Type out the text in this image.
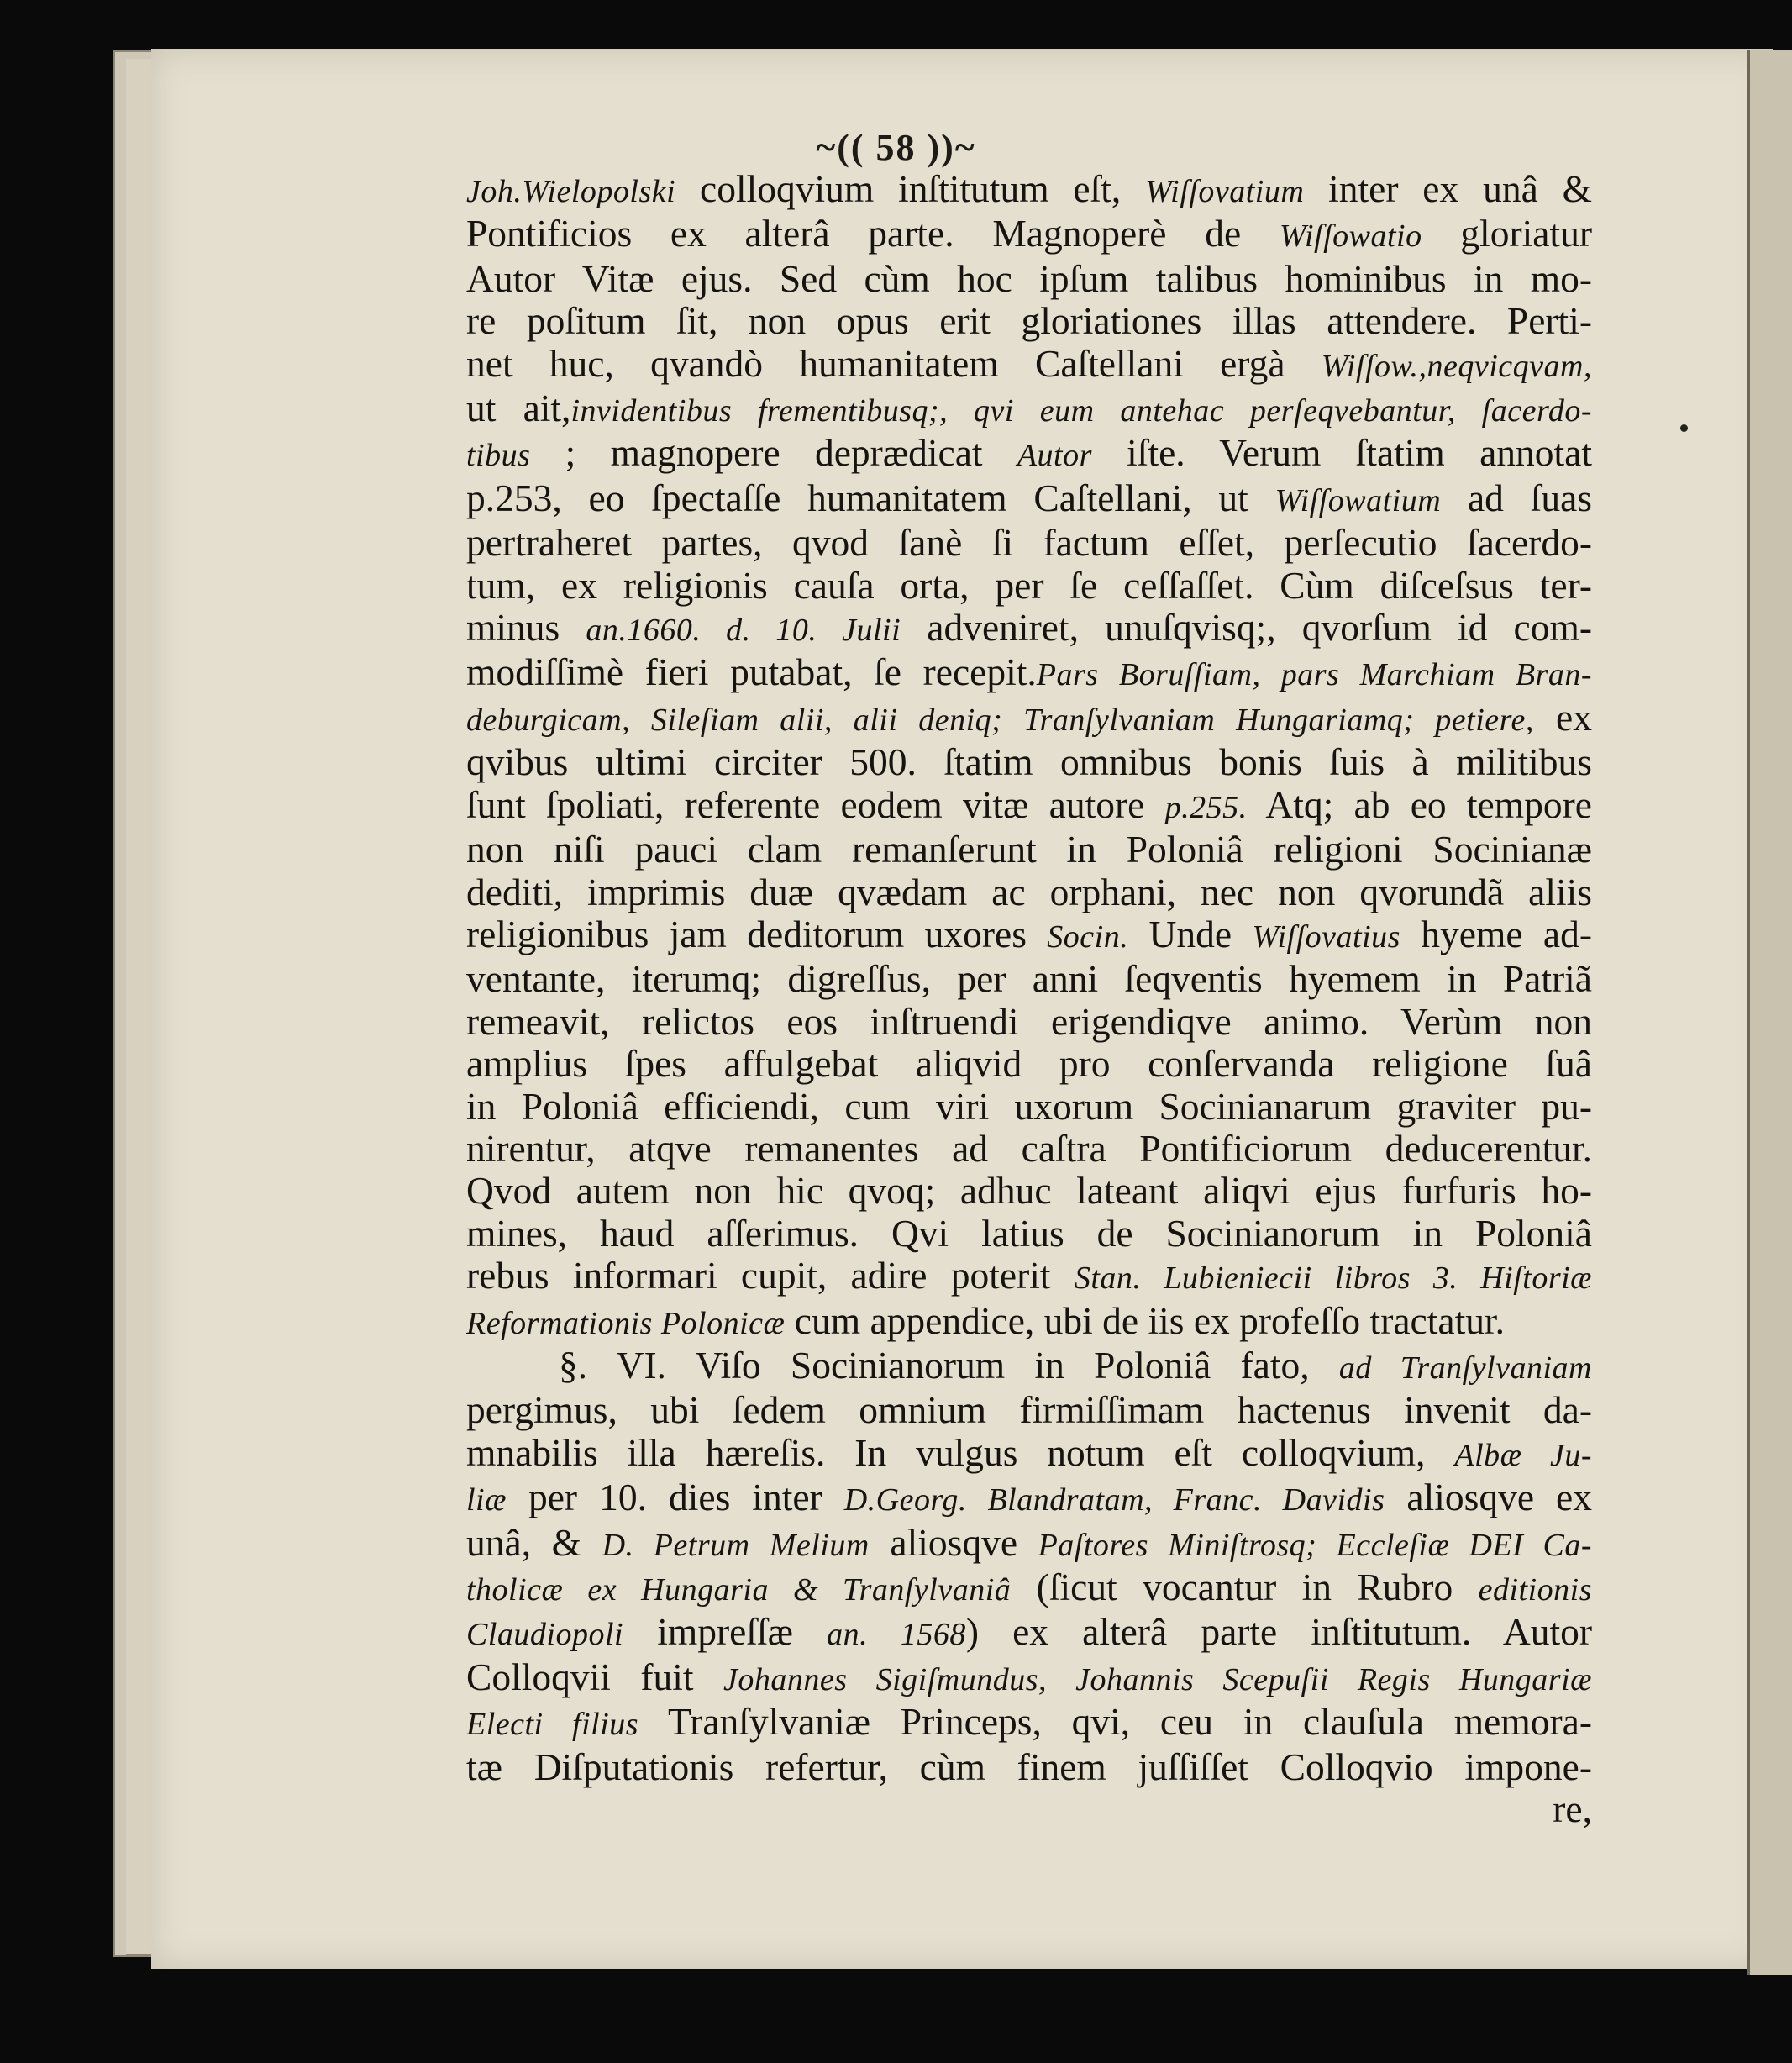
~(( 58 ))~
Joh.Wielopolski colloqvium inſtitutum eſt, Wiſſovatium inter ex unâ &
Pontificios ex alterâ parte. Magnoperè de Wiſſowatio gloriatur
Autor Vitæ ejus. Sed cùm hoc ipſum talibus hominibus in mo-
re poſitum ſit, non opus erit gloriationes illas attendere. Perti-
net huc, qvandò humanitatem Caſtellani ergà Wiſſow.,neqvicqvam,
ut ait,invidentibus frementibusq;, qvi eum antehac perſeqvebantur, ſacerdo-
tibus ; magnopere deprædicat Autor iſte. Verum ſtatim annotat
p.253, eo ſpectaſſe humanitatem Caſtellani, ut Wiſſowatium ad ſuas
pertraheret partes, qvod ſanè ſi factum eſſet, perſecutio ſacerdo-
tum, ex religionis cauſa orta, per ſe ceſſaſſet. Cùm diſceſsus ter-
minus an.1660. d. 10. Julii adveniret, unuſqvisq;, qvorſum id com-
modiſſimè fieri putabat, ſe recepit.Pars Boruſſiam, pars Marchiam Bran-
deburgicam, Sileſiam alii, alii deniq; Tranſylvaniam Hungariamq; petiere, ex
qvibus ultimi circiter 500. ſtatim omnibus bonis ſuis à militibus
ſunt ſpoliati, referente eodem vitæ autore p.255. Atq; ab eo tempore
non niſi pauci clam remanſerunt in Poloniâ religioni Socinianæ
dediti, imprimis duæ qvædam ac orphani, nec non qvorundã aliis
religionibus jam deditorum uxores Socin. Unde Wiſſovatius hyeme ad-
ventante, iterumq; digreſſus, per anni ſeqventis hyemem in Patriã
remeavit, relictos eos inſtruendi erigendiqve animo. Verùm non
amplius ſpes affulgebat aliqvid pro conſervanda religione ſuâ
in Poloniâ efficiendi, cum viri uxorum Socinianarum graviter pu-
nirentur, atqve remanentes ad caſtra Pontificiorum deducerentur.
Qvod autem non hic qvoq; adhuc lateant aliqvi ejus furfuris ho-
mines, haud aſſerimus. Qvi latius de Socinianorum in Poloniâ
rebus informari cupit, adire poterit Stan. Lubieniecii libros 3. Hiſtoriæ
Reformationis Polonicæ cum appendice, ubi de iis ex profeſſo tractatur.
§. VI. Viſo Socinianorum in Poloniâ fato, ad Tranſylvaniam
pergimus, ubi ſedem omnium firmiſſimam hactenus invenit da-
mnabilis illa hæreſis. In vulgus notum eſt colloqvium, Albæ Ju-
liæ per 10. dies inter D.Georg. Blandratam, Franc. Davidis aliosqve ex
unâ, & D. Petrum Melium aliosqve Paſtores Miniſtrosq; Eccleſiæ DEI Ca-
tholicæ ex Hungaria & Tranſylvaniâ (ſicut vocantur in Rubro editionis
Claudiopoli impreſſæ an. 1568) ex alterâ parte inſtitutum. Autor
Colloqvii fuit Johannes Sigiſmundus, Johannis Scepuſii Regis Hungariæ
Electi filius Tranſylvaniæ Princeps, qvi, ceu in clauſula memora-
tæ Diſputationis refertur, cùm finem juſſiſſet Colloqvio impone-
re,
